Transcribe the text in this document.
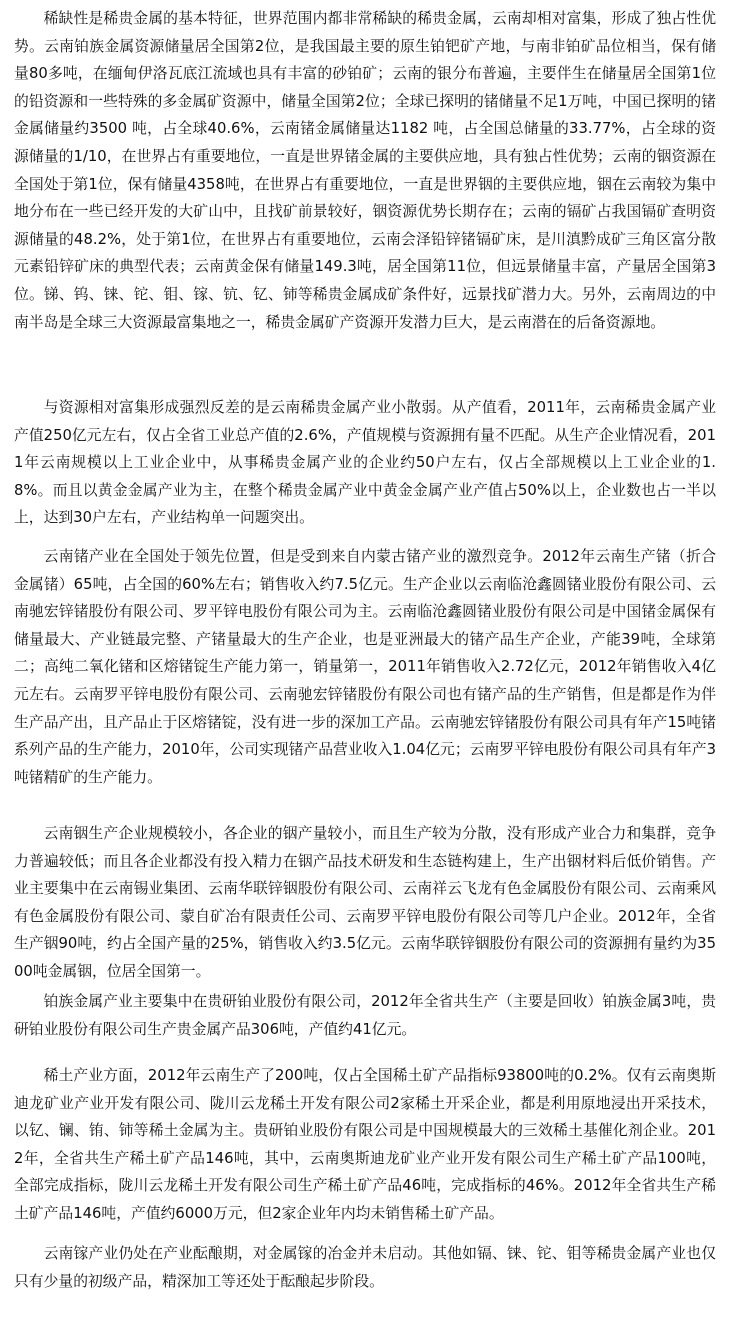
稀缺性是稀贵金属的基本特征，世界范围内都非常稀缺的稀贵金属，云南却相对富集，形成了独占性优势。云南铂族金属资源储量居全国第2位，是我国最主要的原生铂钯矿产地，与南非铂矿品位相当，保有储量80多吨，在缅甸伊洛瓦底江流域也具有丰富的砂铂矿；云南的银分布普遍，主要伴生在储量居全国第1位的铅资源和一些特殊的多金属矿资源中，储量全国第2位；全球已探明的锗储量不足1万吨，中国已探明的锗金属储量约3500 吨，占全球40.6%，云南锗金属储量达1182 吨，占全国总储量的33.77%，占全球的资源储量的1/10，在世界占有重要地位，一直是世界锗金属的主要供应地，具有独占性优势；云南的铟资源在全国处于第1位，保有储量4358吨，在世界占有重要地位，一直是世界铟的主要供应地，铟在云南较为集中地分布在一些已经开发的大矿山中，且找矿前景较好，铟资源优势长期存在；云南的镉矿占我国镉矿查明资源储量的48.2%，处于第1位，在世界占有重要地位，云南会泽铅锌锗镉矿床，是川滇黔成矿三角区富分散元素铅锌矿床的典型代表；云南黄金保有储量149.3吨，居全国第11位，但远景储量丰富，产量居全国第3位。锑、钨、铼、铊、钼、镓、钪、钇、铈等稀贵金属成矿条件好，远景找矿潜力大。另外，云南周边的中南半岛是全球三大资源最富集地之一，稀贵金属矿产资源开发潜力巨大，是云南潜在的后备资源地。

与资源相对富集形成强烈反差的是云南稀贵金属产业小散弱。从产值看，2011年，云南稀贵金属产业产值250亿元左右，仅占全省工业总产值的2.6%，产值规模与资源拥有量不匹配。从生产企业情况看，2011年云南规模以上工业企业中，从事稀贵金属产业的企业约50户左右，仅占全部规模以上工业企业的1.8%。而且以黄金金属产业为主，在整个稀贵金属产业中黄金金属产业产值占50%以上，企业数也占一半以上，达到30户左右，产业结构单一问题突出。

云南锗产业在全国处于领先位置，但是受到来自内蒙古锗产业的激烈竞争。2012年云南生产锗（折合金属锗）65吨，占全国的60%左右；销售收入约7.5亿元。生产企业以云南临沧鑫圆锗业股份有限公司、云南驰宏锌锗股份有限公司、罗平锌电股份有限公司为主。云南临沧鑫圆锗业股份有限公司是中国锗金属保有储量最大、产业链最完整、产锗量最大的生产企业，也是亚洲最大的锗产品生产企业，产能39吨，全球第二；高纯二氧化锗和区熔锗锭生产能力第一，销量第一，2011年销售收入2.72亿元，2012年销售收入4亿元左右。云南罗平锌电股份有限公司、云南驰宏锌锗股份有限公司也有锗产品的生产销售，但是都是作为伴生产品产出，且产品止于区熔锗锭，没有进一步的深加工产品。云南驰宏锌锗股份有限公司具有年产15吨锗系列产品的生产能力，2010年，公司实现锗产品营业收入1.04亿元；云南罗平锌电股份有限公司具有年产3吨锗精矿的生产能力。

云南铟生产企业规模较小，各企业的铟产量较小，而且生产较为分散，没有形成产业合力和集群，竞争力普遍较低；而且各企业都没有投入精力在铟产品技术研发和生态链构建上，生产出铟材料后低价销售。产业主要集中在云南锡业集团、云南华联锌铟股份有限公司、云南祥云飞龙有色金属股份有限公司、云南乘风有色金属股份有限公司、蒙自矿冶有限责任公司、云南罗平锌电股份有限公司等几户企业。2012年，全省生产铟90吨，约占全国产量的25%，销售收入约3.5亿元。云南华联锌铟股份有限公司的资源拥有量约为3500吨金属铟，位居全国第一。

铂族金属产业主要集中在贵研铂业股份有限公司，2012年全省共生产（主要是回收）铂族金属3吨，贵研铂业股份有限公司生产贵金属产品306吨，产值约41亿元。

稀土产业方面，2012年云南生产了200吨，仅占全国稀土矿产品指标93800吨的0.2%。仅有云南奥斯迪龙矿业产业开发有限公司、陇川云龙稀土开发有限公司2家稀土开采企业，都是利用原地浸出开采技术，以钇、镧、铕、铈等稀土金属为主。贵研铂业股份有限公司是中国规模最大的三效稀土基催化剂企业。2012年，全省共生产稀土矿产品146吨，其中，云南奥斯迪龙矿业产业开发有限公司生产稀土矿产品100吨，全部完成指标，陇川云龙稀土开发有限公司生产稀土矿产品46吨，完成指标的46%。2012年全省共生产稀土矿产品146吨，产值约6000万元，但2家企业年内均未销售稀土矿产品。

云南镓产业仍处在产业酝酿期，对金属镓的冶金并未启动。其他如镉、铼、铊、钼等稀贵金属产业也仅只有少量的初级产品，精深加工等还处于酝酿起步阶段。
